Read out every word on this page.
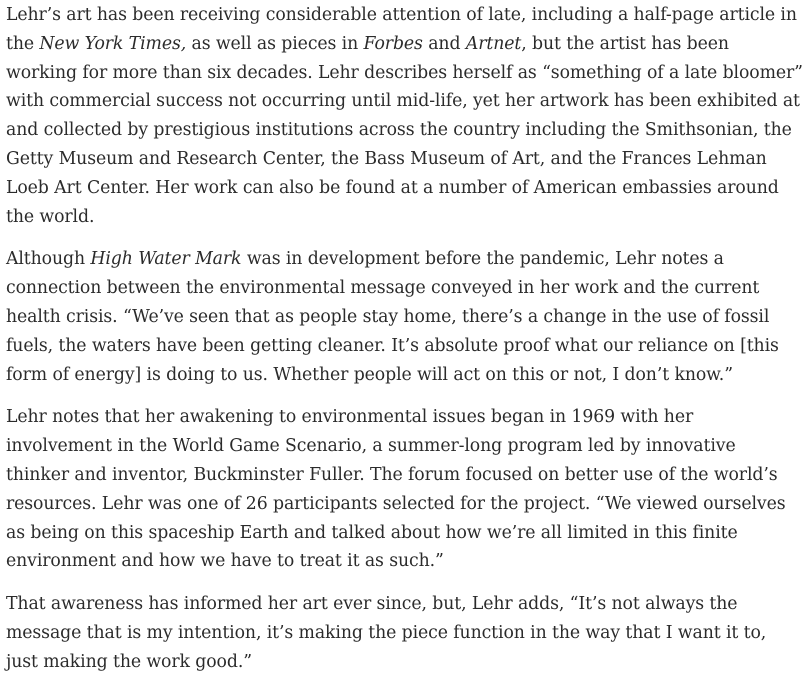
Lehr’s art has been receiving considerable attention of late, including a half-page article in the New York Times, as well as pieces in Forbes and Artnet, but the artist has been working for more than six decades. Lehr describes herself as “something of a late bloomer” with commercial success not occurring until mid-life, yet her artwork has been exhibited at and collected by prestigious institutions across the country including the Smithsonian, the Getty Museum and Research Center, the Bass Museum of Art, and the Frances Lehman Loeb Art Center. Her work can also be found at a number of American embassies around the world.

Although High Water Mark was in development before the pandemic, Lehr notes a connection between the environmental message conveyed in her work and the current health crisis. “We’ve seen that as people stay home, there’s a change in the use of fossil fuels, the waters have been getting cleaner. It’s absolute proof what our reliance on [this form of energy] is doing to us. Whether people will act on this or not, I don’t know.”

Lehr notes that her awakening to environmental issues began in 1969 with her involvement in the World Game Scenario, a summer-long program led by innovative thinker and inventor, Buckminster Fuller. The forum focused on better use of the world’s resources. Lehr was one of 26 participants selected for the project. “We viewed ourselves as being on this spaceship Earth and talked about how we’re all limited in this finite environment and how we have to treat it as such.”

That awareness has informed her art ever since, but, Lehr adds, “It’s not always the message that is my intention, it’s making the piece function in the way that I want it to, just making the work good.”
